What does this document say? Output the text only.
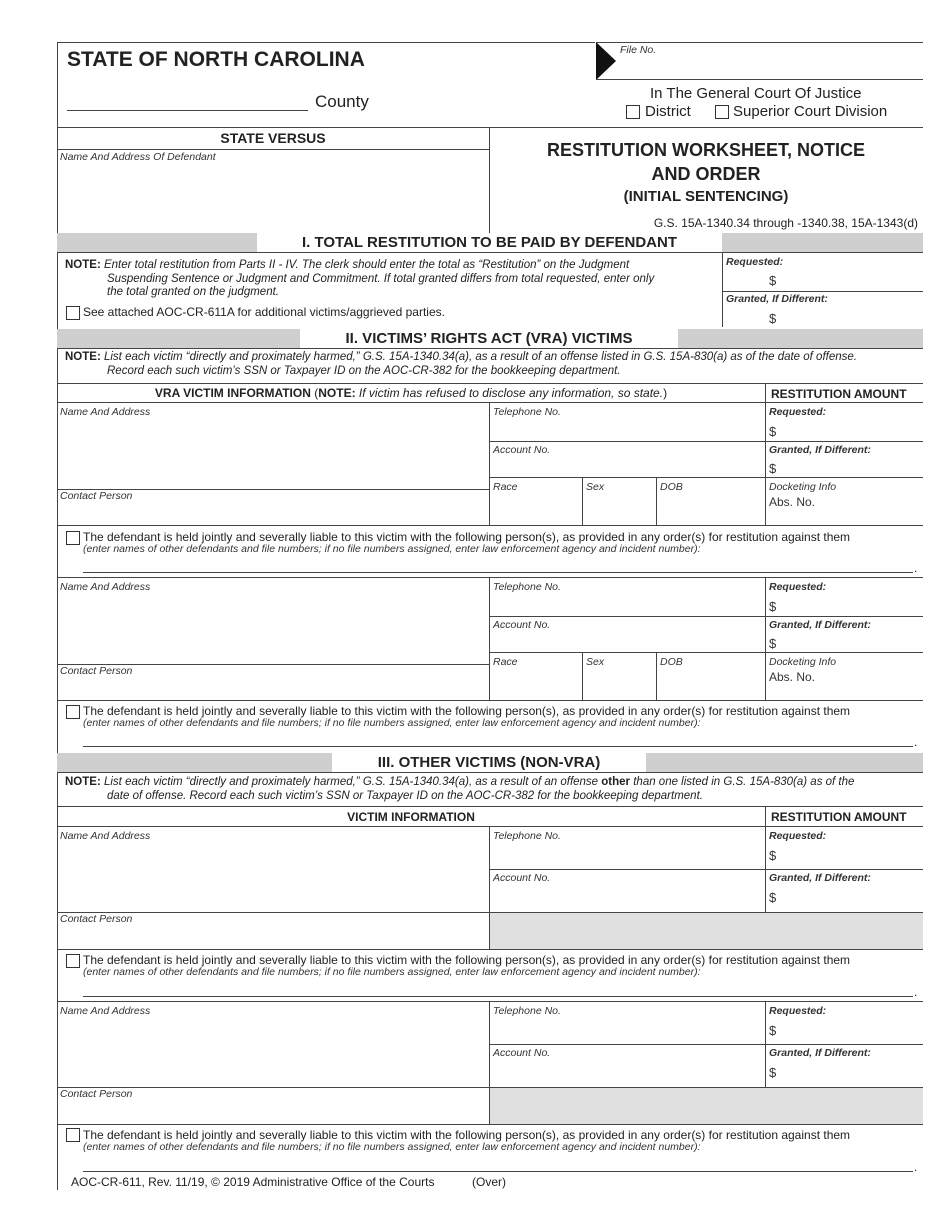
STATE OF NORTH CAROLINA
County
File No.
In The General Court Of Justice
District	Superior Court Division
STATE VERSUS
Name And Address Of Defendant	RESTITUTION WORKSHEET, NOTICE
AND ORDER
(INITIAL SENTENCING)
G.S. 15A-1340.34 through -1340.38, 15A-1343(d)
I. TOTAL RESTITUTION TO BE PAID BY DEFENDANT
NOTE: Enter total restitution from Parts II - IV. The clerk should enter the total as “Restitution” on the Judgment
Suspending Sentence or Judgment and Commitment. If total granted differs from total requested, enter only
the total granted on the judgment.
See attached AOC-CR-611A for additional victims/aggrieved parties.
Requested:
$
Granted, If Different:
$
II. VICTIMS’ RIGHTS ACT (VRA) VICTIMS
NOTE: List each victim “directly and proximately harmed,” G.S. 15A-1340.34(a), as a result of an offense listed in G.S. 15A-830(a) as of the date of offense.
Record each such victim’s SSN or Taxpayer ID on the AOC-CR-382 for the bookkeeping department.
VRA VICTIM INFORMATION (NOTE: If victim has refused to disclose any information, so state.)	RESTITUTION AMOUNT
Name And Address
Contact Person
Telephone No.
Account No.
Race	Sex	DOB
Requested:
$
Granted, If Different:
$
Docketing Info
Abs. No.
The defendant is held jointly and severally liable to this victim with the following person(s), as provided in any order(s) for restitution against them
(enter names of other defendants and file numbers; if no file numbers assigned, enter law enforcement agency and incident number):
.
Name And Address
Contact Person
Telephone No.
Account No.
Race	Sex	DOB
Requested:
$
Granted, If Different:
$
Docketing Info
Abs. No.
The defendant is held jointly and severally liable to this victim with the following person(s), as provided in any order(s) for restitution against them
(enter names of other defendants and file numbers; if no file numbers assigned, enter law enforcement agency and incident number):
.
III. OTHER VICTIMS (NON-VRA)
NOTE: List each victim “directly and proximately harmed,” G.S. 15A-1340.34(a), as a result of an offense other than one listed in G.S. 15A-830(a) as of the
date of offense. Record each such victim’s SSN or Taxpayer ID on the AOC-CR-382 for the bookkeeping department.
VICTIM INFORMATION	RESTITUTION AMOUNT
Name And Address
Contact Person
Telephone No.
Account No.
Requested:
$
Granted, If Different:
$
The defendant is held jointly and severally liable to this victim with the following person(s), as provided in any order(s) for restitution against them
(enter names of other defendants and file numbers; if no file numbers assigned, enter law enforcement agency and incident number):
.
Name And Address
Contact Person
Telephone No.
Account No.
Requested:
$
Granted, If Different:
$
The defendant is held jointly and severally liable to this victim with the following person(s), as provided in any order(s) for restitution against them
(enter names of other defendants and file numbers; if no file numbers assigned, enter law enforcement agency and incident number):
.
AOC-CR-611, Rev. 11/19, © 2019 Administrative Office of the Courts	(Over)
